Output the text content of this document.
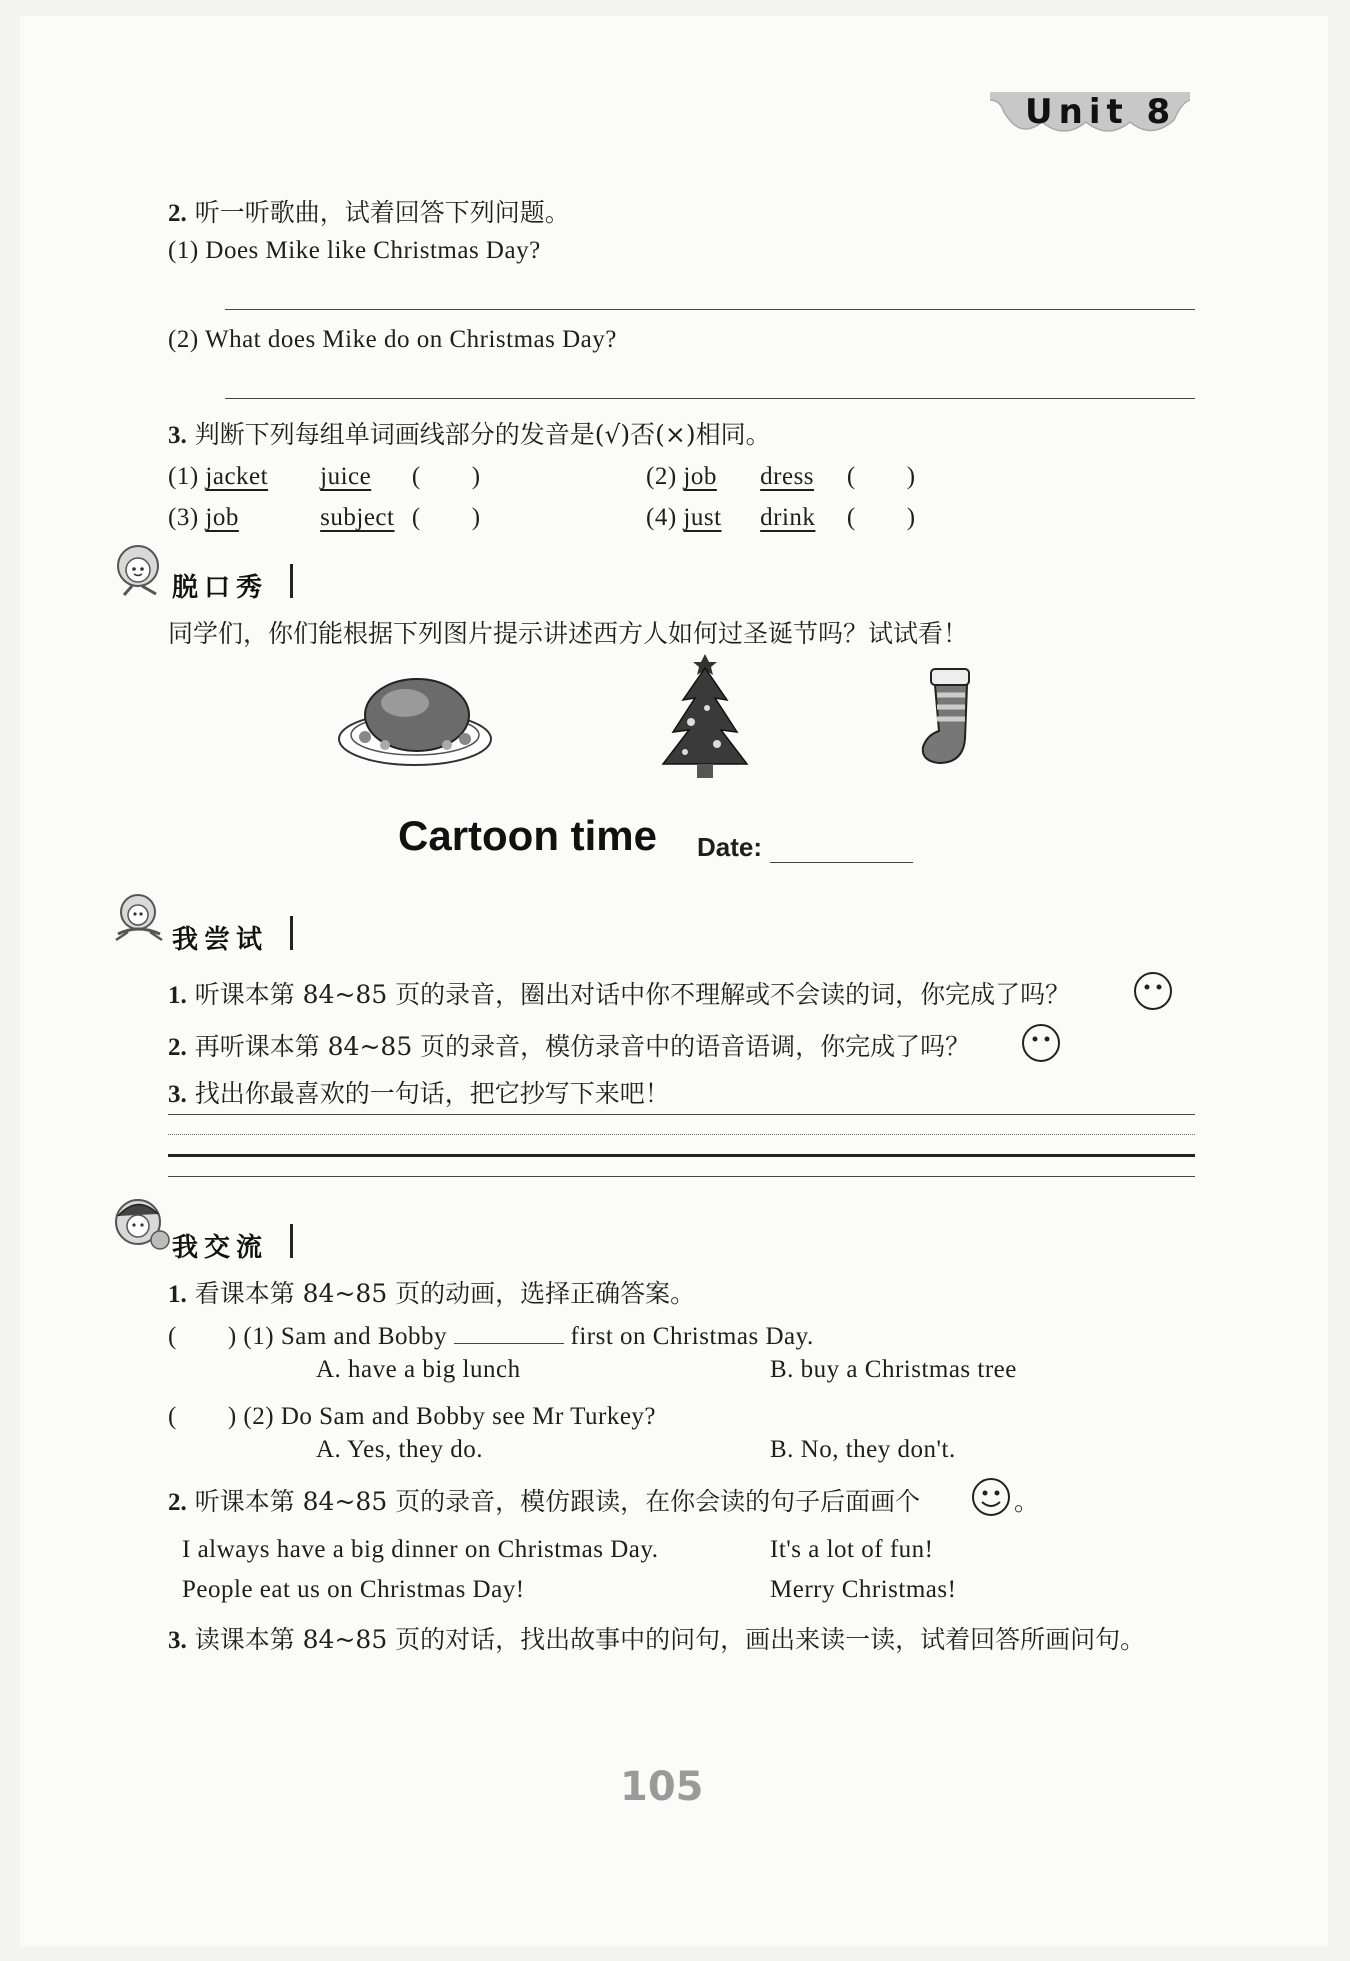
Unit 8
2. 听一听歌曲，试着回答下列问题。
(1) Does Mike like Christmas Day?
(2) What does Mike do on Christmas Day?
3. 判断下列每组单词画线部分的发音是(√)否(×)相同。
(1) jacket juice (　　)	(2) job dress (　　)
(3) job	subject (　　)	(4) just drink (　　)
脱口秀
同学们，你们能根据下列图片提示讲述西方人如何过圣诞节吗？试试看！
Cartoon time Date:
我尝试
1. 听课本第 84~85 页的录音，圈出对话中你不理解或不会读的词，你完成了吗？
2. 再听课本第 84~85 页的录音，模仿录音中的语音语调，你完成了吗？
3. 找出你最喜欢的一句话，把它抄写下来吧！
我交流
1. 看课本第 84~85 页的动画，选择正确答案。
(　　) (1) Sam and Bobby	first on Christmas Day.
A. have a big lunch	B. buy a Christmas tree
(　　) (2) Do Sam and Bobby see Mr Turkey?
A. Yes, they do.	B. No, they don't.
2. 听课本第 84~85 页的录音，模仿跟读，在你会读的句子后面画个	。
I always have a big dinner on Christmas Day.	It's a lot of fun!
People eat us on Christmas Day!	Merry Christmas!
3. 读课本第 84~85 页的对话，找出故事中的问句，画出来读一读，试着回答所画问句。
105
